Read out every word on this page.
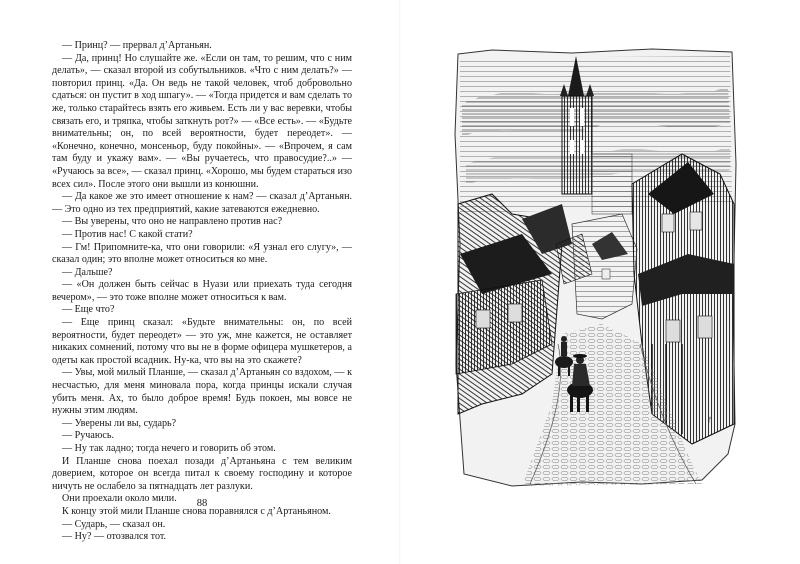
— Принц? — прервал д’Артаньян.

— Да, принц! Но слушайте же. «Если он там, то решим, что с ним делать», — сказал второй из собутыльников. «Что с ним делать?» — повторил принц. «Да. Он ведь не такой человек, чтоб добровольно сдаться: он пустит в ход шпагу». — «Тогда придется и вам сделать то же, только старайтесь взять его живьем. Есть ли у вас веревки, чтобы связать его, и тряпка, чтобы заткнуть рот?» — «Все есть». — «Будьте внимательны; он, по всей вероятности, будет переодет». — «Конечно, конечно, монсеньор, буду покойны». — «Впрочем, я сам там буду и укажу вам». — «Вы ручаетесь, что правосудие?..» — «Ручаюсь за все», — сказал принц. «Хорошо, мы будем стараться изо всех сил». После этого они вышли из конюшни.

— Да какое же это имеет отношение к нам? — сказал д’Артаньян. — Это одно из тех предприятий, какие затеваются ежедневно.

— Вы уверены, что оно не направлено против нас?

— Против нас! С какой стати?

— Гм! Припомните-ка, что они говорили: «Я узнал его слугу», — сказал один; это вполне может относиться ко мне.

— Дальше?

— «Он должен быть сейчас в Нуази или приехать туда сегодня вечером», — это тоже вполне может относиться к вам.

— Еще что?

— Еще принц сказал: «Будьте внимательны: он, по всей вероятности, будет переодет» — это уж, мне кажется, не оставляет никаких сомнений, потому что вы не в форме офицера мушкетеров, а одеты как простой всадник. Ну-ка, что вы на это скажете?

— Увы, мой милый Планше, — сказал д’Артаньян со вздохом, — к несчастью, для меня миновала пора, когда принцы искали случая убить меня. Ах, то было доброе время! Будь покоен, мы вовсе не нужны этим людям.

— Уверены ли вы, сударь?

— Ручаюсь.

— Ну так ладно; тогда нечего и говорить об этом.

И Планше снова поехал позади д’Артаньяна с тем великим доверием, которое он всегда питал к своему господину и которое ничуть не ослабело за пятнадцать лет разлуки.

Они проехали около мили.

К концу этой мили Планше снова поравнялся с д’Артаньяном.

— Сударь, — сказал он.

— Ну? — отозвался тот.

88
ᚠ
